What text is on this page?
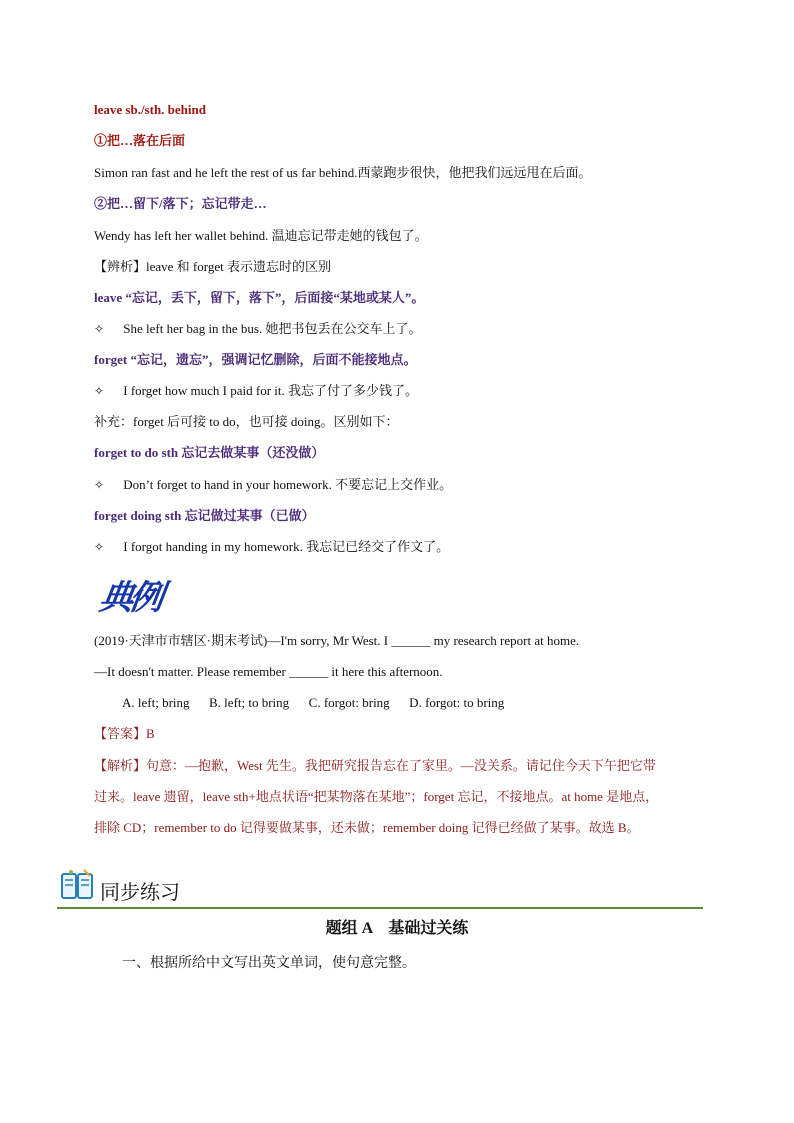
leave sb./sth. behind
①把…落在后面
Simon ran fast and he left the rest of us far behind.西蒙跑步很快，他把我们远远甩在后面。
②把…留下/落下；忘记带走…
Wendy has left her wallet behind. 温迪忘记带走她的钱包了。
【辨析】leave 和 forget 表示遗忘时的区别
leave “忘记，丢下，留下，落下”，后面接“某地或某人”。
✧ She left her bag in the bus. 她把书包丢在公交车上了。
forget “忘记，遗忘”，强调记忆删除，后面不能接地点。
✧ I forget how much I paid for it. 我忘了付了多少钱了。
补充：forget 后可接 to do，也可接 doing。区别如下：
forget to do sth 忘记去做某事（还没做）
✧ Don’t forget to hand in your homework. 不要忘记上交作业。
forget doing sth 忘记做过某事（已做）
✧ I forgot handing in my homework. 我忘记已经交了作文了。
典例
(2019·天津市市辖区·期末考试)—I'm sorry, Mr West. I ______ my research report at home.
—It doesn't matter. Please remember ______ it here this afternoon.
A. left; bring      B. left; to bring      C. forgot: bring      D. forgot: to bring
【答案】B
【解析】句意：—抱歉，West 先生。我把研究报告忘在了家里。—没关系。请记住今天下午把它带
过来。leave 遗留，leave sth+地点状语“把某物落在某地”；forget 忘记，不接地点。at home 是地点，
排除 CD；remember to do 记得要做某事，还未做；remember doing 记得已经做了某事。故选 B。
同步练习
题组 A    基础过关练
一、根据所给中文写出英文单词，使句意完整。
